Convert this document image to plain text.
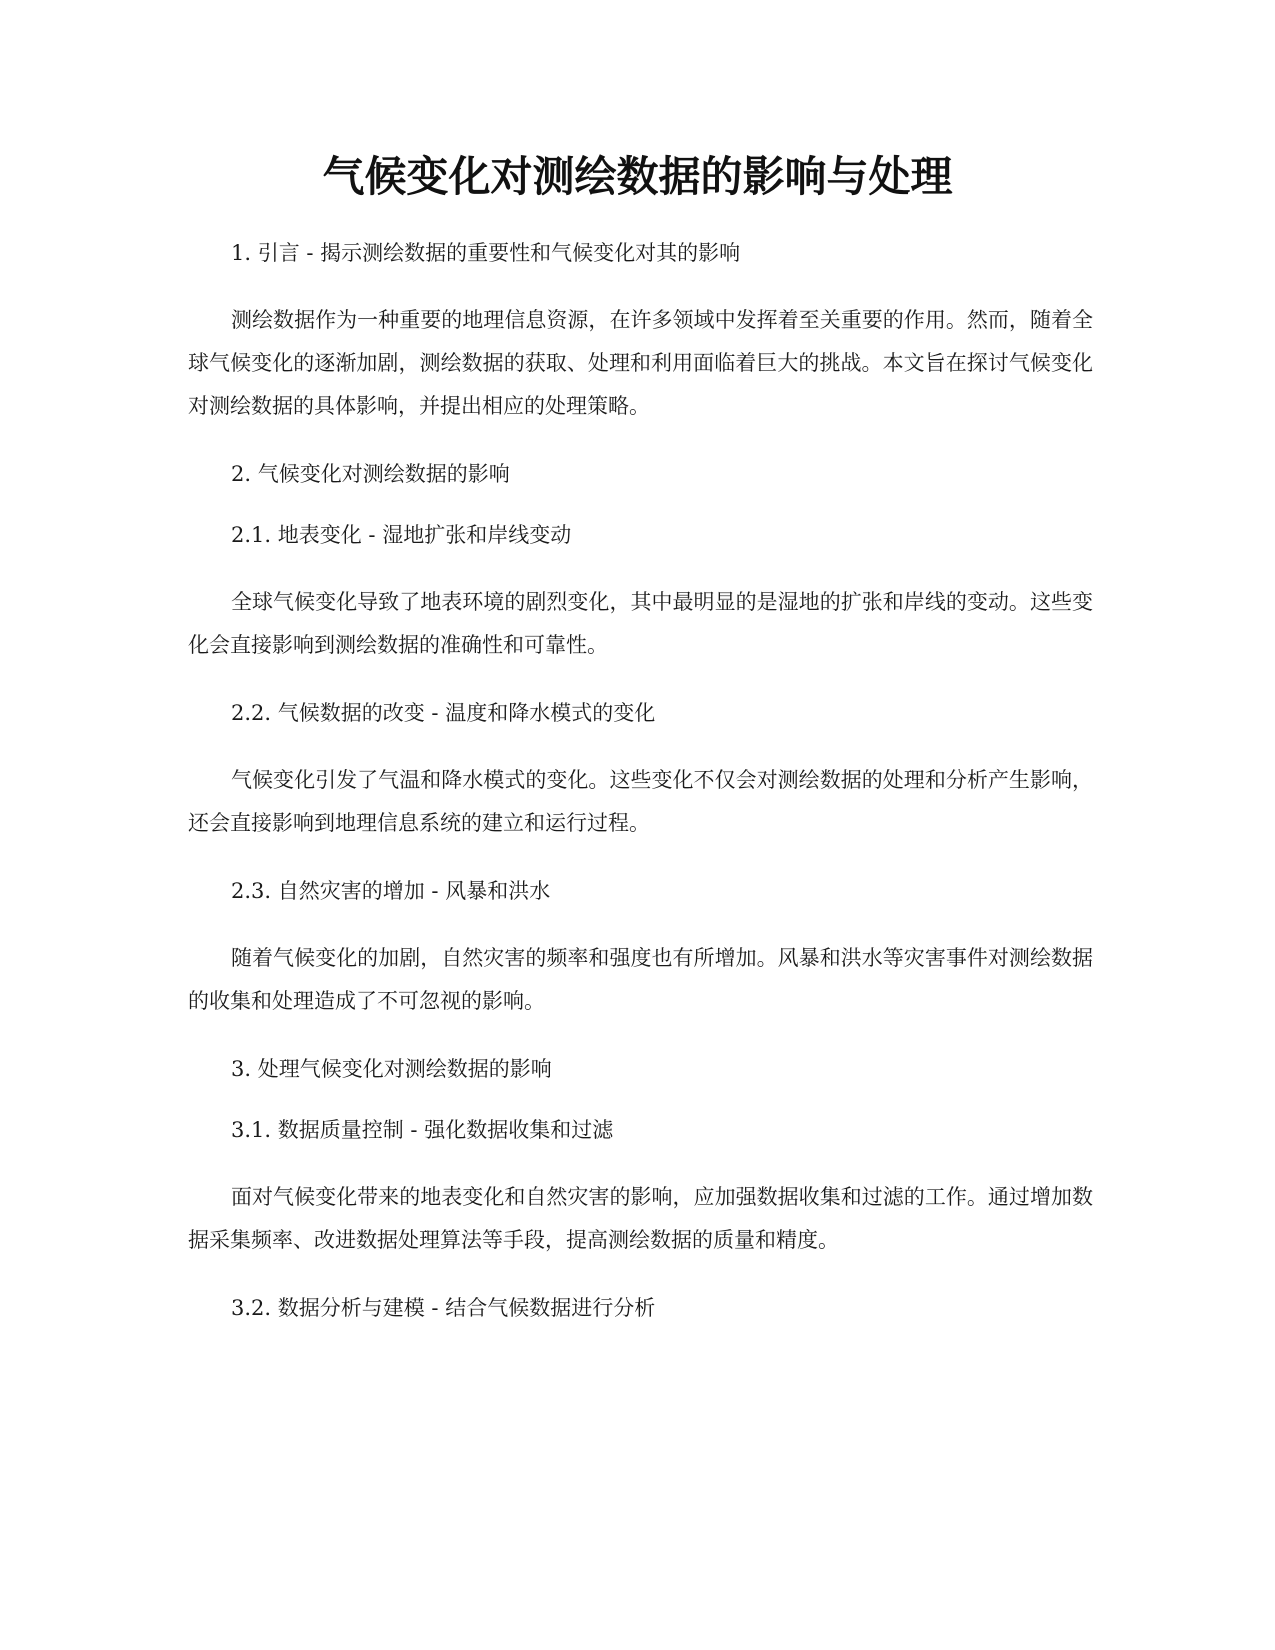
气候变化对测绘数据的影响与处理

1. 引言 - 揭示测绘数据的重要性和气候变化对其的影响

测绘数据作为一种重要的地理信息资源，在许多领域中发挥着至关重要的作用。然而，随着全球气候变化的逐渐加剧，测绘数据的获取、处理和利用面临着巨大的挑战。本文旨在探讨气候变化对测绘数据的具体影响，并提出相应的处理策略。

2. 气候变化对测绘数据的影响

2.1. 地表变化 - 湿地扩张和岸线变动

全球气候变化导致了地表环境的剧烈变化，其中最明显的是湿地的扩张和岸线的变动。这些变化会直接影响到测绘数据的准确性和可靠性。

2.2. 气候数据的改变 - 温度和降水模式的变化

气候变化引发了气温和降水模式的变化。这些变化不仅会对测绘数据的处理和分析产生影响，还会直接影响到地理信息系统的建立和运行过程。

2.3. 自然灾害的增加 - 风暴和洪水

随着气候变化的加剧，自然灾害的频率和强度也有所增加。风暴和洪水等灾害事件对测绘数据的收集和处理造成了不可忽视的影响。

3. 处理气候变化对测绘数据的影响

3.1. 数据质量控制 - 强化数据收集和过滤

面对气候变化带来的地表变化和自然灾害的影响，应加强数据收集和过滤的工作。通过增加数据采集频率、改进数据处理算法等手段，提高测绘数据的质量和精度。

3.2. 数据分析与建模 - 结合气候数据进行分析
